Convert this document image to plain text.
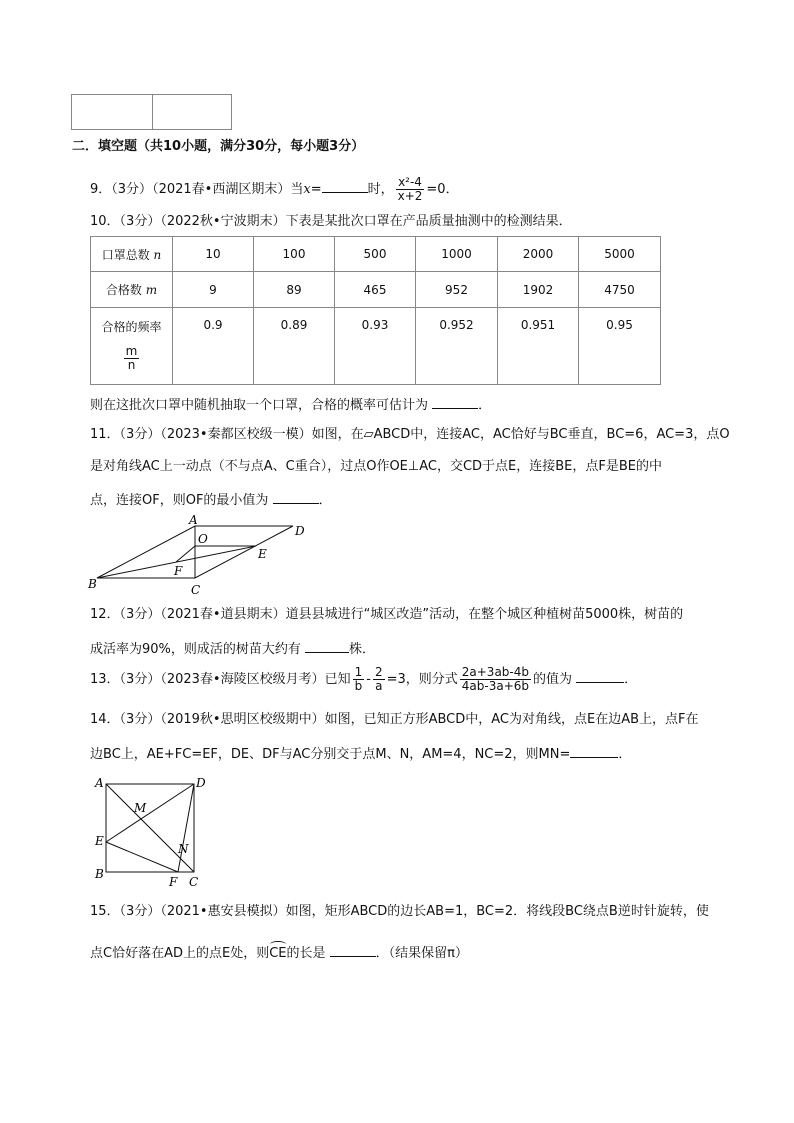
二．填空题（共10小题，满分30分，每小题3分）
9．（3分）（2021春•西湖区期末）当x=	时， $\frac{\text{x²-4}}{x+2} =0$．
10．（3分）（2022秋•宁波期末）下表是某批次口罩在产品质量抽测中的检测结果．
口罩总数 n	10	100	500	1000	2000	5000
合格数 m	9	89	465	952	1902	4750

合格的频率
$\frac{m}{n}$	0.9	0.89	0.93	0.952	0.951	0.95
则在这批次口罩中随机抽取一个口罩，合格的概率可估计为	．
11．（3分）（2023•秦都区校级一模）如图，在▱ABCD中，连接AC，AC恰好与BC垂直，BC=6，AC=3，点O
是对角线AC上一动点（不与点A、C重合），过点O作OE⊥AC，交CD于点E，连接BE，点F是BE的中
点，连接OF，则OF的最小值为	．
A
B	C
D
O
E
F
12．（3分）（2021春•道县期末）道县县城进行“城区改造”活动，在整个城区种植树苗5000株，树苗的
成活率为90%，则成活的树苗大约有	株．
13．（3分）（2023春•海陵区校级月考）已知 $\frac{1}{b} - \frac{2}{a} =3$，则分式 $\frac{2a+3ab-4b}{4ab-3a+6b}$ 的值为	．
14．（3分）（2019秋•思明区校级期中）如图，已知正方形ABCD中，AC为对角线，点E在边AB上，点F在
边BC上，AE+FC=EF，DE、DF与AC分别交于点M、N，AM=4，NC=2，则MN=	．
A	D
E
B
F C
M
N
15．（3分）（2021•惠安县模拟）如图，矩形ABCD的边长AB=1，BC=2．将线段BC绕点B逆时针旋转，使
点C恰好落在AD上的点E处，则
CE的长是	．（结果保留π）
